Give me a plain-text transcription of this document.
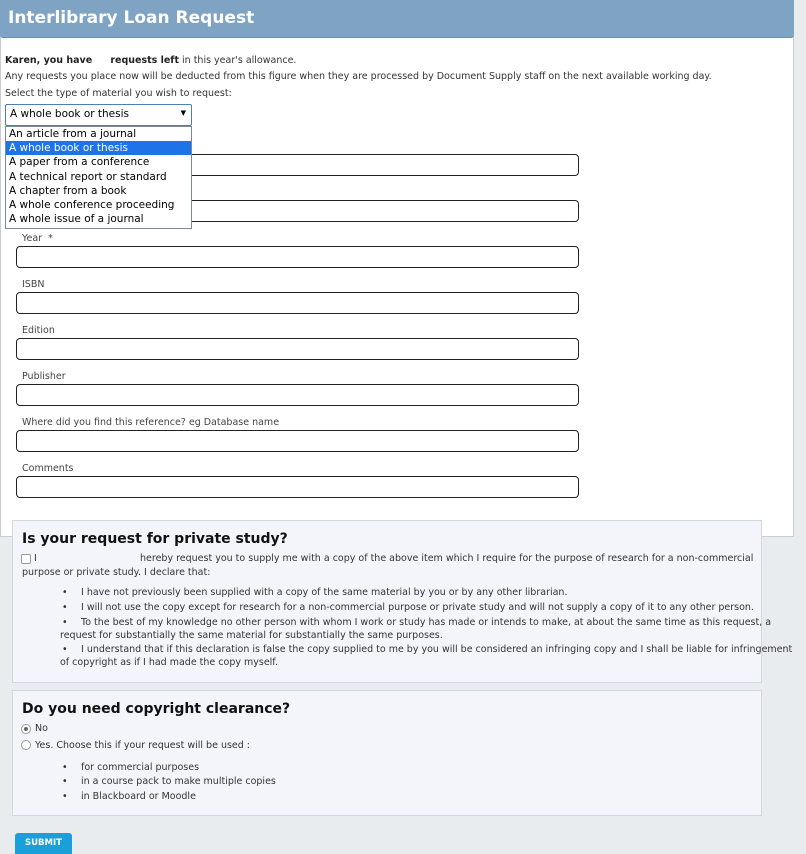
Interlibrary Loan Request
Karen, you have requests left in this year's allowance.
Any requests you place now will be deducted from this figure when they are processed by Document Supply staff on the next available working day.
Select the type of material you wish to request:
A whole book or thesis	▼
An article from a journal
A whole book or thesis
A paper from a conference
A technical report or standard
A chapter from a book
A whole conference proceeding
A whole issue of a journal
Year *
ISBN
Edition
Publisher
Where did you find this reference? eg Database name
Comments
Is your request for private study?
I	hereby request you to supply me with a copy of the above item which I require for the purpose of research for a non-commercial
purpose or private study. I declare that:
• I have not previously been supplied with a copy of the same material by you or by any other librarian.
• I will not use the copy except for research for a non-commercial purpose or private study and will not supply a copy of it to any other person.
• To the best of my knowledge no other person with whom I work or study has made or intends to make, at about the same time as this request, a
request for substantially the same material for substantially the same purposes.
• I understand that if this declaration is false the copy supplied to me by you will be considered an infringing copy and I shall be liable for infringement
of copyright as if I had made the copy myself.
Do you need copyright clearance?
No
Yes. Choose this if your request will be used :
• for commercial purposes
• in a course pack to make multiple copies
• in Blackboard or Moodle
SUBMIT
